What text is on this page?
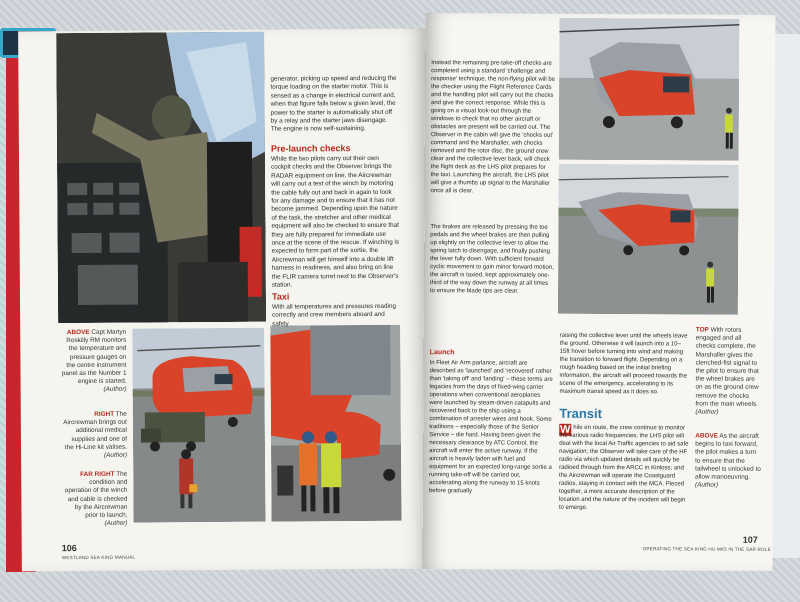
ABOVE Capt Martyn Roskilly RM monitors the temperature and pressure gauges on the centre instrument panel as the Number 1 engine is started. (Author)
RIGHT The Aircrewman brings out additional medical supplies and one of the Hi-Line kit valises. (Author)
FAR RIGHT The condition and operation of the winch and cable is checked by the Aircrewman prior to launch. (Author)
generator, picking up speed and reducing the torque loading on the starter motor. This is sensed as a change in electrical current and, when that figure falls below a given level, the power to the starter is automatically shut off by a relay and the starter jaws disengage. The engine is now self-sustaining.
Pre-launch checks
While the two pilots carry out their own cockpit checks and the Observer brings the RADAR equipment on line, the Aircrewman will carry out a test of the winch by motoring the cable fully out and back in again to look for any damage and to ensure that it has not become jammed. Depending upon the nature of the task, the stretcher and other medical equipment will also be checked to ensure that they are fully prepared for immediate use once at the scene of the rescue. If winching is expected to form part of the sortie, the Aircrewman will get himself into a double lift harness in readiness, and also bring on line the FLIR camera turret next to the Observer's station.
Taxi
With all temperatures and pressures reading correctly and crew members aboard and safely
106
WESTLAND SEA KING MANUAL
Instead the remaining pre-take-off checks are completed using a standard 'challenge and response' technique, the non-flying pilot will be the checker using the Flight Reference Cards and the handling pilot will carry out the checks and give the correct response. While this is going on a visual look-out through the windows to check that no other aircraft or obstacles are present will be carried out. The Observer in the cabin will give the 'chocks out' command and the Marshaller, with chocks removed and the rotor disc, the ground crew clear and the collective lever back, will check the flight deck as the LHS pilot prepares for the taxi. Launching the aircraft, the LHS pilot will give a thumbs up signal to the Marshaller once all is clear.
The brakes are released by pressing the toe pedals and the wheel brakes are then pulling up slightly on the collective lever to allow the spring latch to disengage, and finally pushing the lever fully down. With sufficient forward cyclic movement to gain minor forward motion, the aircraft is taxied, kept approximately one-third of the way down the runway at all times to ensure the blade tips are clear.
Launch
In Fleet Air Arm parlance, aircraft are described as 'launched' and 'recovered' rather than 'taking off' and 'landing' – these terms are legacies from the days of fixed-wing carrier operations when conventional aeroplanes were launched by steam-driven catapults and recovered back to the ship using a combination of arrester wires and hook. Some traditions – especially those of the Senior Service – die hard. Having been given the necessary clearance by ATC Control, the aircraft will enter the active runway. If the aircraft is heavily laden with fuel and equipment for an expected long-range sortie a running take-off will be carried out, accelerating along the runway to 15 knots before gradually
TOP With rotors engaged and all checks complete, the Marshaller gives the clenched-fist signal to the pilot to ensure that the wheel brakes are on as the ground crew remove the chocks from the main wheels. (Author)
ABOVE As the aircraft begins to taxi forward, the pilot makes a turn to ensure that the tailwheel is unlocked to allow manoeuvring. (Author)
raising the collective lever until the wheels leave the ground. Otherwise it will launch into a 10–15ft hover before turning into wind and making the transition to forward flight. Depending on a rough heading based on the initial briefing information, the aircraft will proceed towards the scene of the emergency, accelerating to its maximum transit speed as it does so.
Transit
W hile en route, the crew continue to monitor the various radio frequencies; the LHS pilot will deal with the local Air Traffic agencies to aid safe navigation; the Observer will take care of the HF radio via which updated details will quickly be radioed through from the ARCC in Kinloss; and the Aircrewman will operate the Coastguard radios, staying in contact with the MCA. Pieced together, a more accurate description of the location and the nature of the incident will begin to emerge.
OPERATING THE SEA KING HU MK5 IN THE SAR ROLE
107
